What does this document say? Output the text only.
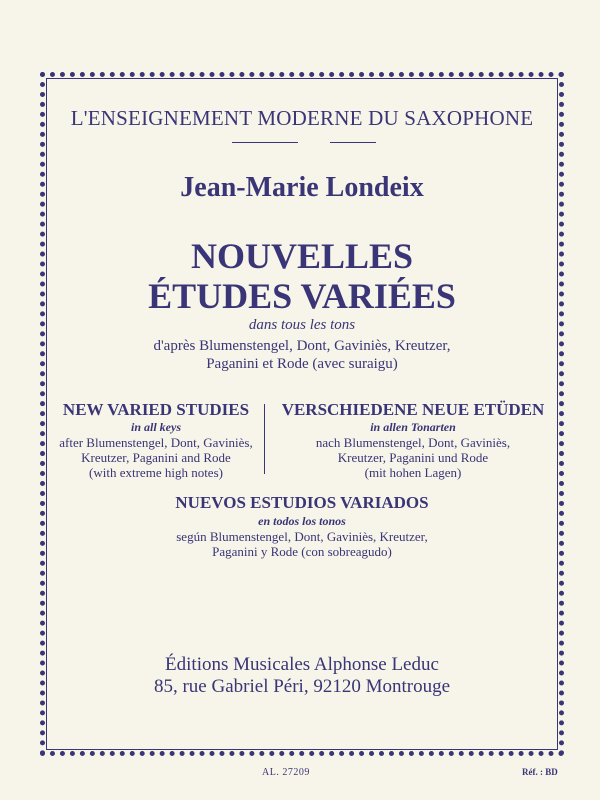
L'ENSEIGNEMENT MODERNE DU SAXOPHONE
Jean-Marie Londeix
NOUVELLES
ÉTUDES VARIÉES
dans tous les tons
d'après Blumenstengel, Dont, Gaviniès, Kreutzer,
Paganini et Rode (avec suraigu)
NEW VARIED STUDIES
in all keys
after Blumenstengel, Dont, Gaviniès,
Kreutzer, Paganini and Rode
(with extreme high notes)
VERSCHIEDENE NEUE ETÜDEN
in allen Tonarten
nach Blumenstengel, Dont, Gaviniès,
Kreutzer, Paganini und Rode
(mit hohen Lagen)
NUEVOS ESTUDIOS VARIADOS
en todos los tonos
según Blumenstengel, Dont, Gaviniès, Kreutzer,
Paganini y Rode (con sobreagudo)
Éditions Musicales Alphonse Leduc
85, rue Gabriel Péri, 92120 Montrouge
AL. 27209	Réf. : BD
